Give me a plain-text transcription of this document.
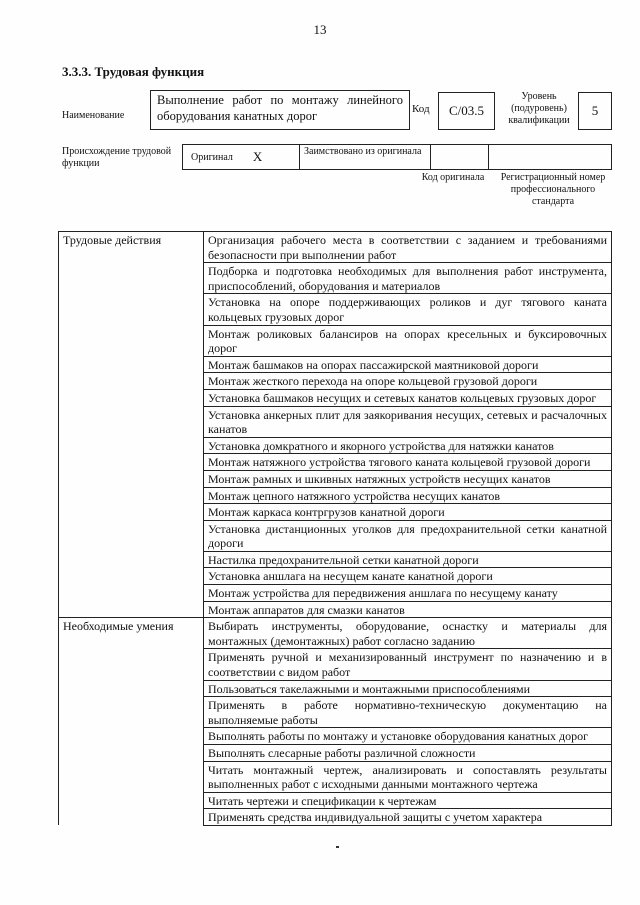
13
3.3.3. Трудовая функция
Наименование
Выполнение работ по монтажу линейного оборудования канатных дорог	Код	С/03.5
Уровень (подуровень) квалификации
5
Происхождение трудовой функции
Оригинал X	Заимствовано из оригинала
Код оригинала	Регистрационный номер профессионального стандарта
Трудовые действия	Организация рабочего места в соответствии с заданием и требованиями безопасности при выполнении работ
	Подборка и подготовка необходимых для выполнения работ инструмента, приспособлений, оборудования и материалов
	Установка на опоре поддерживающих роликов и дуг тягового каната кольцевых грузовых дорог
	Монтаж роликовых балансиров на опорах кресельных и буксировочных дорог
	Монтаж башмаков на опорах пассажирской маятниковой дороги
	Монтаж жесткого перехода на опоре кольцевой грузовой дороги
	Установка башмаков несущих и сетевых канатов кольцевых грузовых дорог
	Установка анкерных плит для заякоривания несущих, сетевых и расчалочных канатов
	Установка домкратного и якорного устройства для натяжки канатов
	Монтаж натяжного устройства тягового каната кольцевой грузовой дороги
	Монтаж рамных и шкивных натяжных устройств несущих канатов
	Монтаж цепного натяжного устройства несущих канатов
	Монтаж каркаса контргрузов канатной дороги
	Установка дистанционных уголков для предохранительной сетки канатной дороги
	Настилка предохранительной сетки канатной дороги
	Установка аншлага на несущем канате канатной дороги
	Монтаж устройства для передвижения аншлага по несущему канату
	Монтаж аппаратов для смазки канатов
Необходимые умения	Выбирать инструменты, оборудование, оснастку и материалы для монтажных (демонтажных) работ согласно заданию
	Применять ручной и механизированный инструмент по назначению и в соответствии с видом работ
	Пользоваться такелажными и монтажными приспособлениями
	Применять в работе нормативно-техническую документацию на выполняемые работы
	Выполнять работы по монтажу и установке оборудования канатных дорог
	Выполнять слесарные работы различной сложности
	Читать монтажный чертеж, анализировать и сопоставлять результаты выполненных работ с исходными данными монтажного чертежа
	Читать чертежи и спецификации к чертежам
	Применять средства индивидуальной защиты с учетом характера
